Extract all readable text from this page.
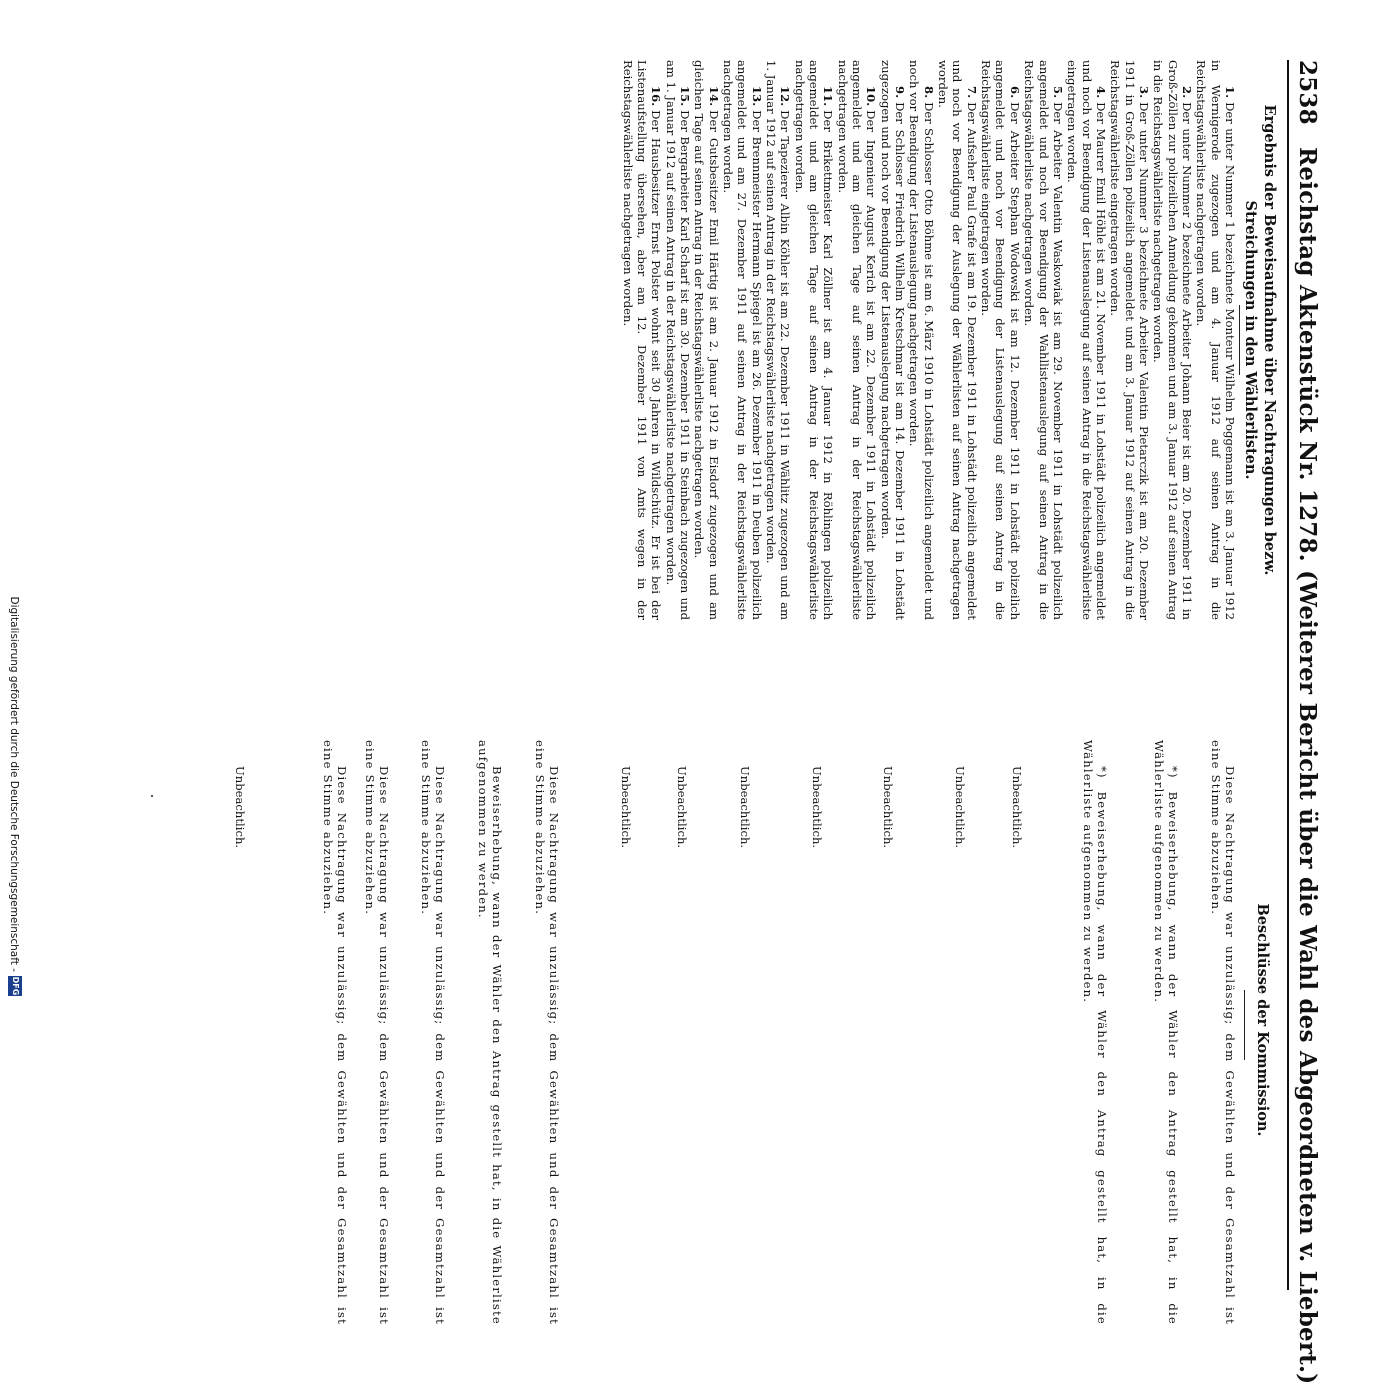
2538 Reichstag Aktenstück Nr. 1278. (Weiterer Bericht über die Wahl des Abgeordneten v. Liebert.)
Ergebnis der Beweisaufnahme über Nachtragungen bezw. Streichungen in den Wählerlisten.
Beschlüsse der Kommission.

1.Der unter Nummer 1 bezeichnete Monteur Wilhelm Poggemann ist am 3. Januar 1912 in Wernigerode zugezogen und am 4. Januar 1912 auf seinen Antrag in die Reichstagswählerliste nachgetragen worden.

2.Der unter Nummer 2 bezeichnete Arbeiter Johann Beier ist am 20. Dezember 1911 in Groß-Zöllen zur polizeilichen Anmeldung gekommen und am 3. Januar 1912 auf seinen Antrag in die Reichstagswählerliste nachgetragen worden.

3.Der unter Nummer 3 bezeichnete Arbeiter Valentin Pietarczik ist am 20. Dezember 1911 in Groß-Zöllen polizeilich angemeldet und am 3. Januar 1912 auf seinen Antrag in die Reichstagswählerliste eingetragen worden.

4.Der Maurer Emil Höhle ist am 21. November 1911 in Lohstädt polizeilich angemeldet und noch vor Beendigung der Listenauslegung auf seinen Antrag in die Reichstagswählerliste eingetragen worden.

5.Der Arbeiter Valentin Waskowiak ist am 29. November 1911 in Lohstädt polizeilich angemeldet und noch vor Beendigung der Wahllistenauslegung auf seinen Antrag in die Reichstagswählerliste nachgetragen worden.

6.Der Arbeiter Stephan Wodowski ist am 12. Dezember 1911 in Lohstädt polizeilich angemeldet und noch vor Beendigung der Listenauslegung auf seinen Antrag in die Reichstagswählerliste eingetragen worden.

7.Der Aufseher Paul Grafe ist am 19. Dezember 1911 in Lohstädt polizeilich angemeldet und noch vor Beendigung der Auslegung der Wählerlisten auf seinen Antrag nachgetragen worden.

8.Der Schlosser Otto Böhme ist am 6. März 1910 in Lohstädt polizeilich angemeldet und noch vor Beendigung der Listenauslegung nachgetragen worden.

9.Der Schlosser Friedrich Wilhelm Kretschmar ist am 14. Dezember 1911 in Lohstädt zugezogen und noch vor Beendigung der Listenauslegung nachgetragen worden.

10.Der Ingenieur August Kerich ist am 22. Dezember 1911 in Lohstädt polizeilich angemeldet und am gleichen Tage auf seinen Antrag in der Reichstagswählerliste nachgetragen worden.

11.Der Brikettmeister Karl Zöllner ist am 4. Januar 1912 in Röhlingen polizeilich angemeldet und am gleichen Tage auf seinen Antrag in der Reichstagswählerliste nachgetragen worden.

12.Der Tapezierer Albin Köhler ist am 22. Dezember 1911 in Wählitz zugezogen und am 1. Januar 1912 auf seinen Antrag in der Reichstagswählerliste nachgetragen worden.

13.Der Brennmeister Hermann Spiegel ist am 26. Dezember 1911 in Deuben polizeilich angemeldet und am 27. Dezember 1911 auf seinen Antrag in der Reichstagswählerliste nachgetragen worden.

14.Der Gutsbesitzer Emil Härtig ist am 2. Januar 1912 in Eisdorf zugezogen und am gleichen Tage auf seinen Antrag in der Reichstagswählerliste nachgetragen worden.

15.Der Bergarbeiter Karl Scharf ist am 30. Dezember 1911 in Steinbach zugezogen und am 1. Januar 1912 auf seinen Antrag in der Reichstagswählerliste nachgetragen worden.

16.Der Hausbesitzer Ernst Polster wohnt seit 30 Jahren in Wildschütz. Er ist bei der Listenaufstellung übersehen, aber am 12. Dezember 1911 von Amts wegen in der Reichstagswählerliste nachgetragen worden.

Diese Nachtragung war unzulässig; dem Gewählten und der Gesamtzahl ist eine Stimme abzuziehen.

*) Beweiserhebung, wann der Wähler den Antrag gestellt hat, in die Wählerliste aufgenommen zu werden.

*) Beweiserhebung, wann der Wähler den Antrag gestellt hat, in die Wählerliste aufgenommen zu werden.

Unbeachtlich.

Unbeachtlich.

Unbeachtlich.

Unbeachtlich.

Unbeachtlich.

Unbeachtlich.

Unbeachtlich.

Diese Nachtragung war unzulässig; dem Gewählten und der Gesamtzahl ist eine Stimme abzuziehen.

Beweiserhebung, wann der Wähler den Antrag gestellt hat, in die Wählerliste aufgenommen zu werden.

Diese Nachtragung war unzulässig; dem Gewählten und der Gesamtzahl ist eine Stimme abzuziehen.

Diese Nachtragung war unzulässig; dem Gewählten und der Gesamtzahl ist eine Stimme abzuziehen.

Diese Nachtragung war unzulässig; dem Gewählten und der Gesamtzahl ist eine Stimme abzuziehen.

Unbeachtlich.

Digitalisierung gefördert durch die Deutsche Forschungsgemeinschaft -
DFG
